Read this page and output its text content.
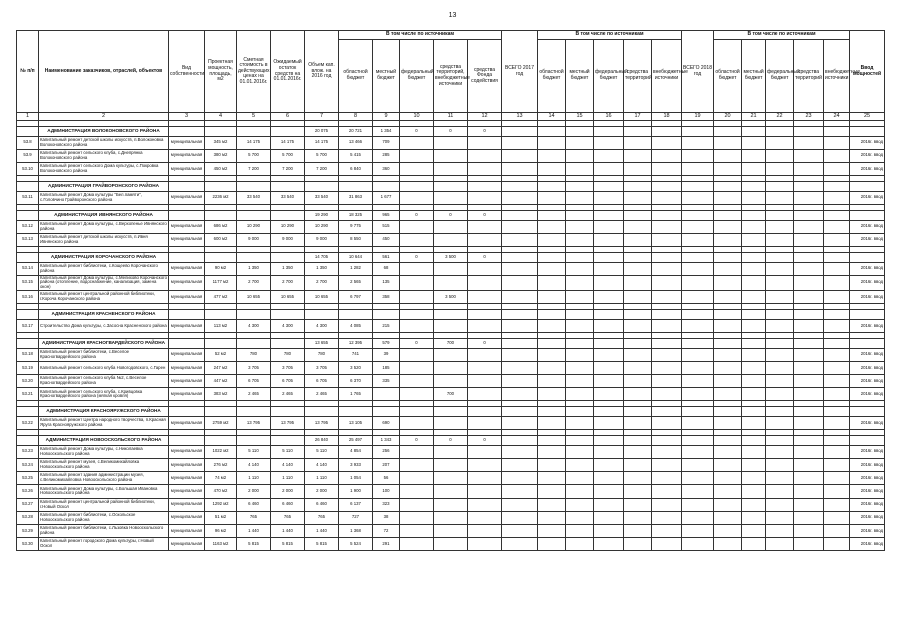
13
№ п/п	Наименование заказчиков, отраслей, объектов	Вид собственности	Проектная мощность, площадь, м2	Сметная стоимость в действующих ценах на 01.01.2016г.	Ожидаемый остаток средств на 01.01.2016г.	Объем кап. влож. на 2016 год	В том числе по источникам					ВСЕГО 2017 год	В том числе по источникам					ВСЕГО 2018 год	В том числе по источникам					Ввод мощностей
							областной бюджет	местный бюджет	федеральный бюджет	средства территорий, внебюджетные источники	средства Фонда содействия		областной бюджет	местный бюджет	федеральный бюджет	средства территорий	внебюджетные источники		областной бюджет	местный бюджет	федеральный бюджет	средства территорий	внебюджетные источники	
1	2	3	4	5	6	7	8	9	10	11	12	13	14	15	16	17	18	19	20	21	22	23	24	25

	АДМИНИСТРАЦИЯ ВОЛОКОНОВСКОГО РАЙОНА					20 075	20 721	1 354	0	0	0													
53.8	Капитальный ремонт детской школы искусств, п.Волоконовка Волоконовского района	муниципальная	345 м2	14 175	14 175	14 175	13 466	709																2016г. ввод
53.9	Капитальный ремонт сельского клуба, с.Днепрянка Волоконовского района	муниципальная	380 м2	5 700	5 700	5 700	5 415	285																2016г. ввод
53.10	Капитальный ремонт сельского Дома культуры, с.Покровка Волоконовского района	муниципальная	450 м2	7 200	7 200	7 200	6 840	360																2016г. ввод

	АДМИНИСТРАЦИЯ ГРАЙВОРОНСКОГО РАЙОНА																							
53.11	Капитальный ремонт Дома культуры "Бел.памяти", с.Головчино Грайворонского района	муниципальная	2236 м2	33 540	33 540	33 540	31 863	1 677																2016г. ввод

	АДМИНИСТРАЦИЯ ИВНЯНСКОГО РАЙОНА					19 290	18 325	965	0	0	0													
53.12	Капитальный ремонт Дома культуры, с.Верхопенье Ивнянского района	муниципальная	686 м2	10 290	10 290	10 290	9 775	515																2016г. ввод
53.13	Капитальный ремонт детской школы искусств, п.Ивня Ивнянского района	муниципальная	600 м2	9 000	9 000	9 000	8 550	450																2016г. ввод

	АДМИНИСТРАЦИЯ КОРОЧАНСКОГО РАЙОНА					14 705	10 644	561	0	3 500	0													
53.14	Капитальный ремонт библиотеки, с.Кощеево Корочанского района	муниципальная	90 м2	1 350	1 350	1 350	1 282	68																2016г. ввод
53.15	Капитальный ремонт Дома культуры, с.Мелихово Корочанского района (отопление, водоснабжение, канализация, замена окон)	муниципальная	1177 м2	2 700	2 700	2 700	2 565	135																2016г. ввод
53.16	Капитальный ремонт центральной районной библиотеки, г.Короча Корочанского района	муниципальная	477 м2	10 655	10 655	10 655	6 797	358		3 500														2016г. ввод

	АДМИНИСТРАЦИЯ КРАСНЕНСКОГО РАЙОНА																							
53.17	Строительство Дома культуры, с.Засосна Красненского района	муниципальная	113 м2	4 300	4 300	4 300	4 085	215																2016г. ввод

	АДМИНИСТРАЦИЯ КРАСНОГВАРДЕЙСКОГО РАЙОНА					13 655	12 395	579	0	700	0													
53.18	Капитальный ремонт библиотеки, с.Веселое Красногвардейского района	муниципальная	52 м2	780	780	780	741	39																2016г. ввод
53.19	Капитальный ремонт сельского клуба Новогодовского, с.Гарен	муниципальная	247 м2	3 705	3 705	3 705	3 520	185																2016г. ввод
53.20	Капитальный ремонт сельского клуба №2, с.Веселое Красногвардейского района	муниципальная	447 м2	6 705	6 705	6 705	6 370	335																2016г. ввод
53.21	Капитальный ремонт сельского клуба, с.Кривцовка Красногвардейского района (мягкая кровля)	муниципальная	383 м2	2 465	2 465	2 465	1 765			700														2016г. ввод

	АДМИНИСТРАЦИЯ КРАСНОЯРУЖСКОГО РАЙОНА																							
53.22	Капитальный ремонт Центра народного творчества, п.Красная Яруга Краснояружского района	муниципальная	2759 м2	13 795	13 795	13 795	13 105	690																2016г. ввод

	АДМИНИСТРАЦИЯ НОВООСКОЛЬСКОГО РАЙОНА					26 840	25 497	1 343	0	0	0													
53.23	Капитальный ремонт Дома культуры, с.Николаевка Новооскольского района	муниципальная	1022 м2	5 110	5 110	5 110	4 854	256																2016г. ввод
53.24	Капитальный ремонт музея, с.Великомихайловка Новооскольского района	муниципальная	276 м2	4 140	4 140	4 140	3 933	207																2016г. ввод
53.25	Капитальный ремонт здания администрации музея, с.Великомихайловка Новооскольского района	муниципальная	74 м2	1 110	1 110	1 110	1 054	56																2016г. ввод
53.26	Капитальный ремонт Дома культуры, с.Большая Ивановка Новооскольского района	муниципальная	470 м2	2 000	2 000	2 000	1 900	100																2016г. ввод
53.27	Капитальный ремонт центральной районной библиотеки, г.Новый Оскол	муниципальная	1292 м2	6 460	6 460	6 460	6 137	323																2016г. ввод
53.28	Капитальный ремонт библиотеки, с.Оскольское Новооскольского района	муниципальная	51 м2	765	765	765	727	38																2016г. ввод
53.29	Капитальный ремонт библиотеки, с.Льзовка Новооскольского района	муниципальная	96 м2	1 440	1 440	1 440	1 368	72																2016г. ввод
53.30	Капитальный ремонт городского Дома культуры, г.Новый Оскол	муниципальная	1163 м2	5 815	5 815	5 815	5 524	291																2016г. ввод
